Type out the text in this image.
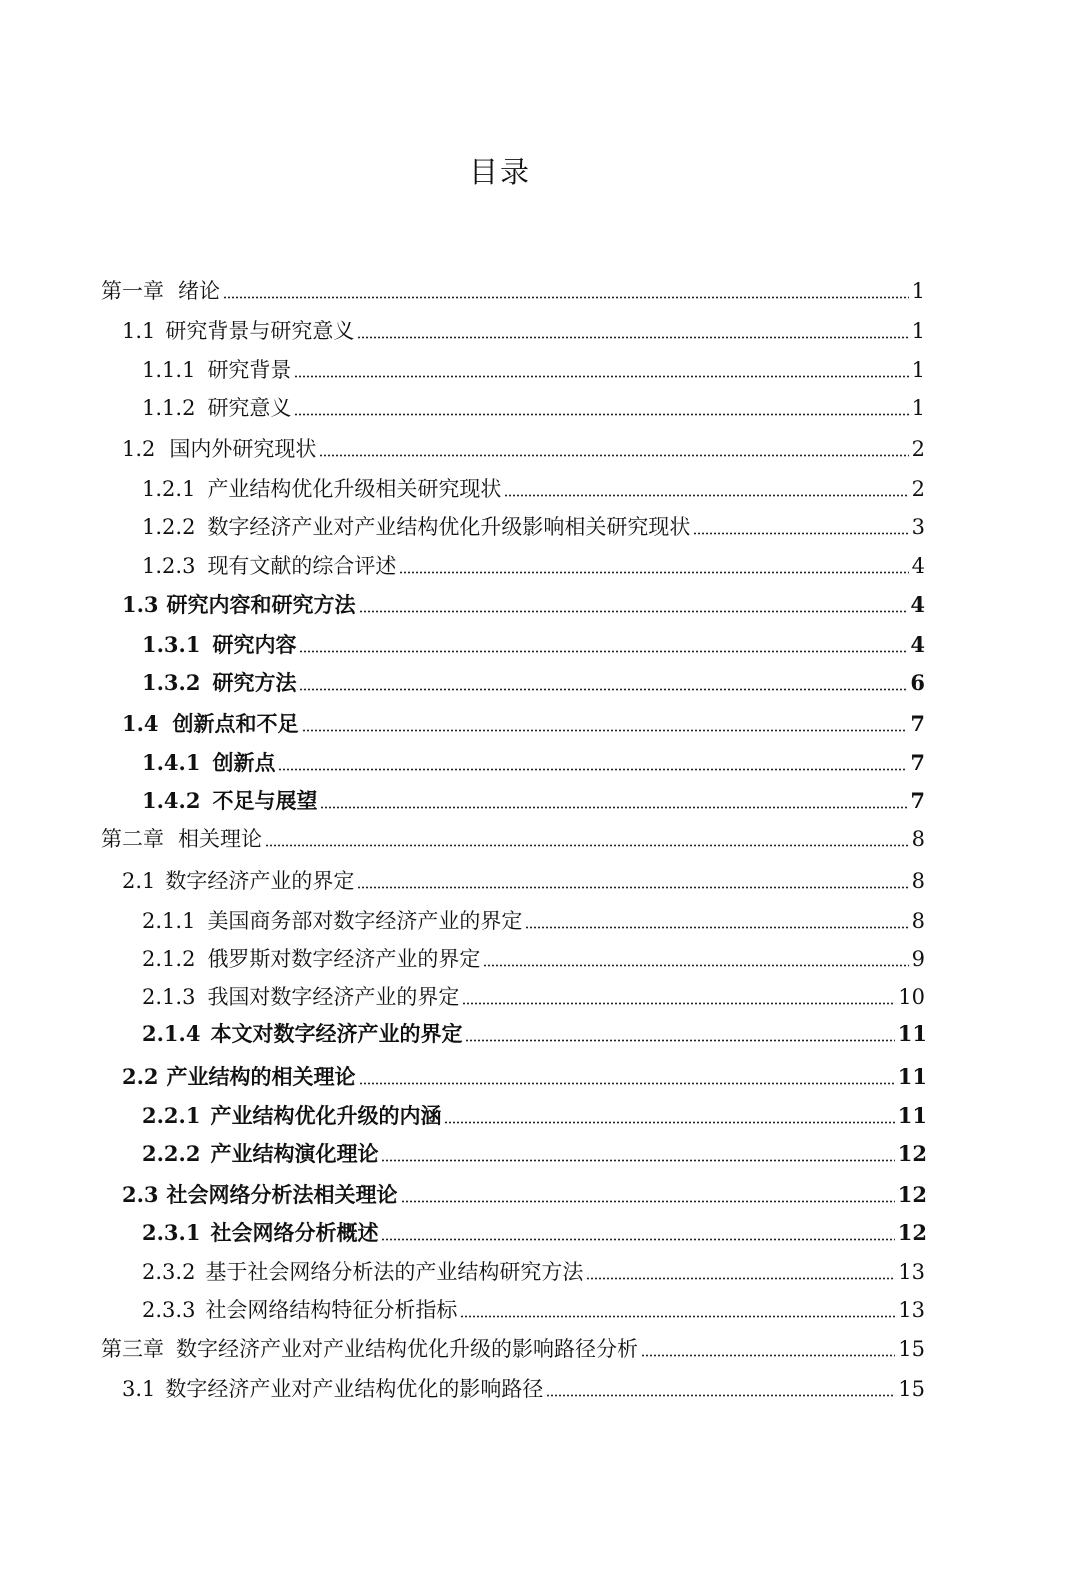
目录
第一章 绪论	1
1.1 研究背景与研究意义	1
1.1.1 研究背景	1
1.1.2 研究意义	1
1.2 国内外研究现状	2
1.2.1 产业结构优化升级相关研究现状	2
1.2.2 数字经济产业对产业结构优化升级影响相关研究现状	3
1.2.3 现有文献的综合评述	4
1.3 研究内容和研究方法	4
1.3.1 研究内容	4
1.3.2 研究方法	6
1.4 创新点和不足	7
1.4.1 创新点	7
1.4.2 不足与展望	7
第二章 相关理论	8
2.1 数字经济产业的界定	8
2.1.1 美国商务部对数字经济产业的界定	8
2.1.2 俄罗斯对数字经济产业的界定	9
2.1.3 我国对数字经济产业的界定	10
2.1.4 本文对数字经济产业的界定	11
2.2 产业结构的相关理论	11
2.2.1 产业结构优化升级的内涵	11
2.2.2 产业结构演化理论	12
2.3 社会网络分析法相关理论	12
2.3.1 社会网络分析概述	12
2.3.2 基于社会网络分析法的产业结构研究方法	13
2.3.3 社会网络结构特征分析指标	13
第三章 数字经济产业对产业结构优化升级的影响路径分析	15
3.1 数字经济产业对产业结构优化的影响路径	15
